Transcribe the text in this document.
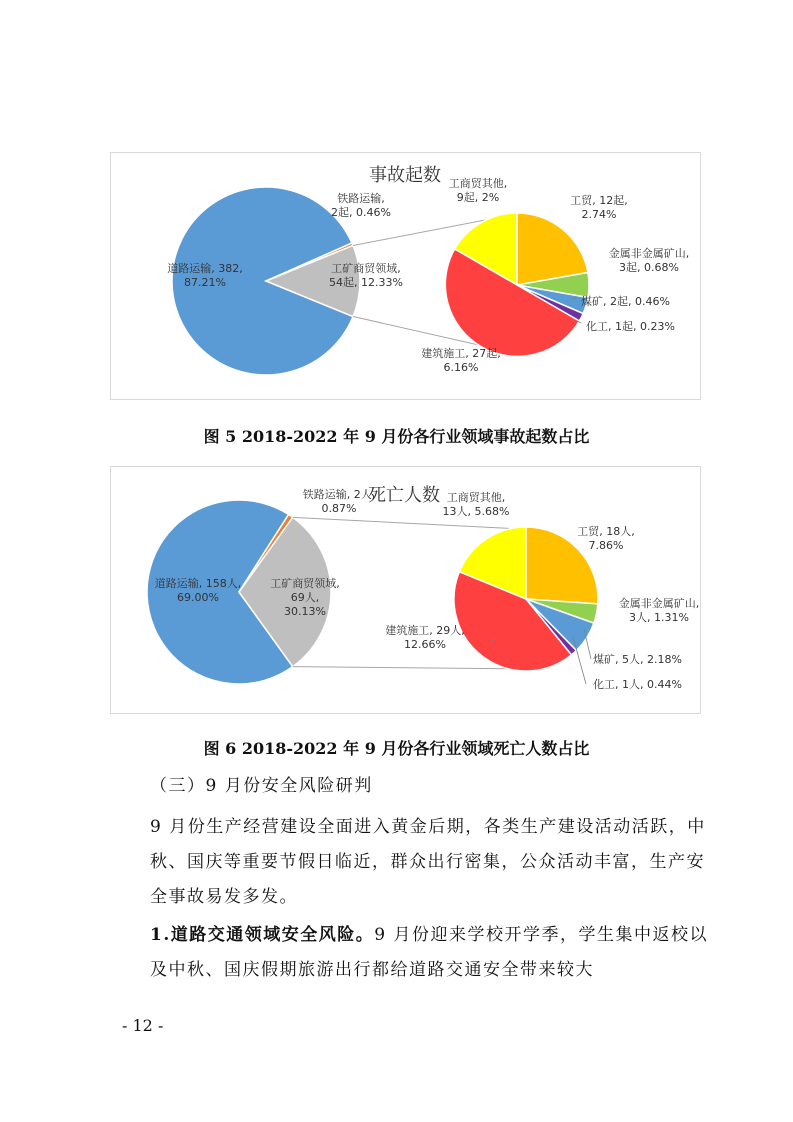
事故起数
道路运输, 382, 87.21%
铁路运输, 2起, 0.46%
工矿商贸领域, 54起, 12.33%
工商贸其他, 9起, 2%	工贸, 12起, 2.74%
金属非金属矿山, 3起, 0.68%
煤矿, 2起, 0.46%
化工, 1起, 0.23%
建筑施工, 27起, 6.16%
图 5 2018-2022 年 9 月份各行业领域事故起数占比
死亡人数
道路运输, 158人, 69.00%
铁路运输, 2人, 0.87%
工矿商贸领域, 69人, 30.13%
工商贸其他, 13人, 5.68%
工贸, 18人, 7.86%
金属非金属矿山, 3人, 1.31%
煤矿, 5人, 2.18%
化工, 1人, 0.44%
建筑施工, 29人, 12.66%
图 6 2018-2022 年 9 月份各行业领域死亡人数占比
（三）9 月份安全风险研判
9 月份生产经营建设全面进入黄金后期，各类生产建设活动活跃，中秋、国庆等重要节假日临近，群众出行密集，公众活动丰富，生产安全事故易发多发。
1.道路交通领域安全风险。9 月份迎来学校开学季，学生集中返校以及中秋、国庆假期旅游出行都给道路交通安全带来较大
- 12 -
